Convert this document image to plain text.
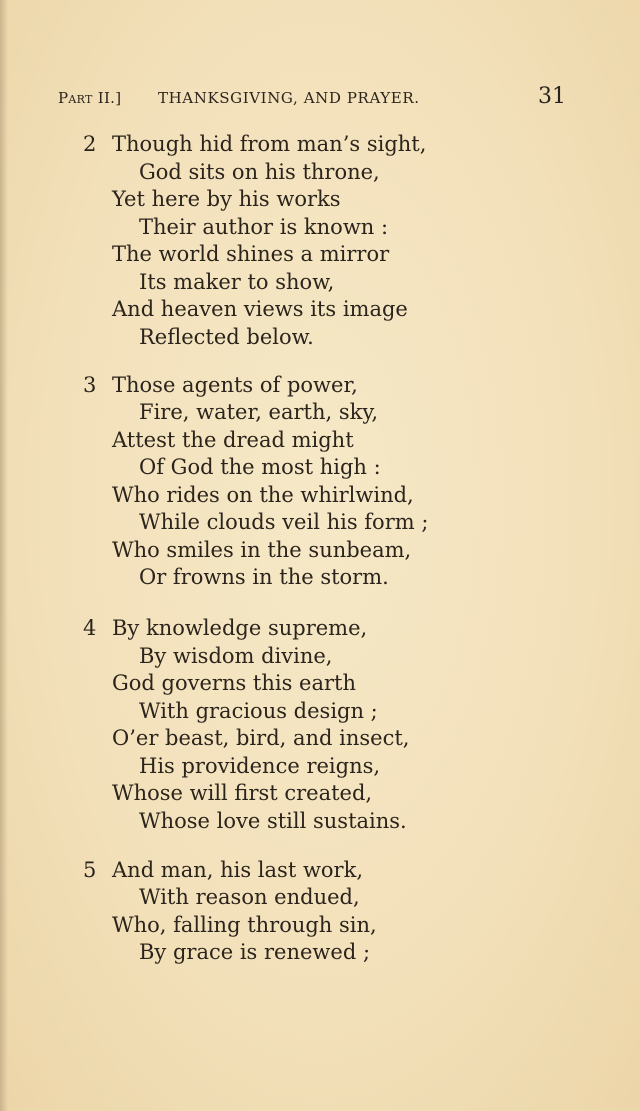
Part II.] THANKSGIVING, AND PRAYER.	31
2 Though hid from man’s sight,
God sits on his throne,
Yet here by his works
Their author is known :
The world shines a mirror
Its maker to show,
And heaven views its image
Reflected below.
3 Those agents of power,
Fire, water, earth, sky,
Attest the dread might
Of God the most high :
Who rides on the whirlwind,
While clouds veil his form ;
Who smiles in the sunbeam,
Or frowns in the storm.
4 By knowledge supreme,
By wisdom divine,
God governs this earth
With gracious design ;
O’er beast, bird, and insect,
His providence reigns,
Whose will first created,
Whose love still sustains.
5 And man, his last work,
With reason endued,
Who, falling through sin,
By grace is renewed ;
